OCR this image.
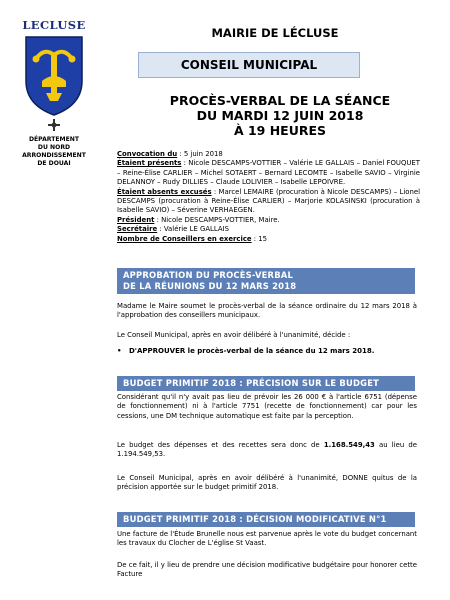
LECLUSE
DÉPARTEMENT
DU NORD
ARRONDISSEMENT
DE DOUAI
MAIRIE DE LÉCLUSE
CONSEIL MUNICIPAL
PROCÈS-VERBAL DE LA SÉANCE
DU MARDI 12 JUIN 2018
À 19 HEURES
Convocation du : 5 juin 2018
Étaient présents : Nicole DESCAMPS-VOTTIER – Valérie LE GALLAIS – Daniel FOUQUET – Reine-Élise CARLIER – Michel SOTAERT – Bernard LECOMTE – Isabelle SAVIO – Virginie DELANNOY – Rudy DILLIES – Claude LOLIVIER – Isabelle LEPOIVRE.
Étaient absents excusés : Marcel LEMAIRE (procuration à Nicole DESCAMPS) – Lionel DESCAMPS (procuration à Reine-Élise CARLIER) – Marjorie KOLASINSKI (procuration à Isabelle SAVIO) – Séverine VERHAEGEN.
Président : Nicole DESCAMPS-VOTTIER, Maire.
Secrétaire : Valérie LE GALLAIS
Nombre de Conseillers en exercice : 15
APPROBATION DU PROCÈS-VERBAL
DE LA RÉUNIONS DU 12 MARS 2018
Madame le Maire soumet le procès-verbal de la séance ordinaire du 12 mars 2018 à l'approbation des conseillers municipaux.
Le Conseil Municipal, après en avoir délibéré à l'unanimité, décide :
• D'APPROUVER le procès-verbal de la séance du 12 mars 2018.
BUDGET PRIMITIF 2018 : PRÉCISION SUR LE BUDGET
Considérant qu'il n'y avait pas lieu de prévoir les 26 000 € à l'article 6751 (dépense de fonctionnement) ni à l'article 7751 (recette de fonctionnement) car pour les cessions, une DM technique automatique est faite par la perception.
Le budget des dépenses et des recettes sera donc de 1.168.549,43 au lieu de 1.194.549,53.
Le Conseil Municipal, après en avoir délibéré à l'unanimité, DONNE quitus de la précision apportée sur le budget primitif 2018.
BUDGET PRIMITIF 2018 : DÉCISION MODIFICATIVE N°1
Une facture de l'Étude Brunelle nous est parvenue après le vote du budget concernant les travaux du Clocher de L'église St Vaast.
De ce fait, il y lieu de prendre une décision modificative budgétaire pour honorer cette Facture
